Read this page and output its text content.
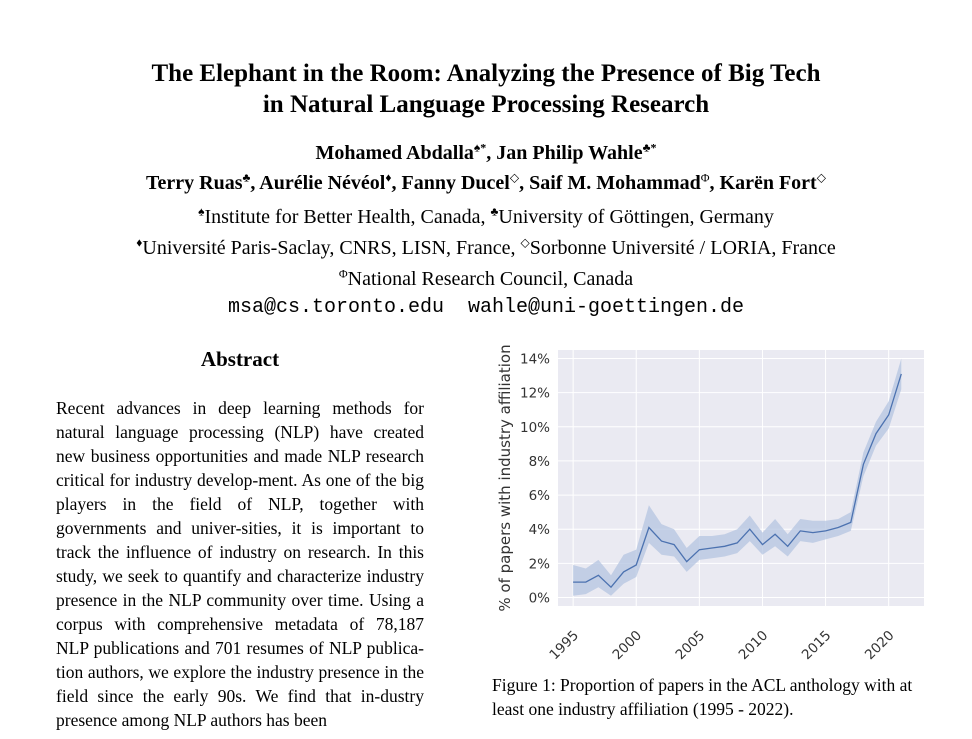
The Elephant in the Room: Analyzing the Presence of Big Tech
in Natural Language Processing Research
Mohamed Abdalla♠*, Jan Philip Wahle♣*
Terry Ruas♣, Aurélie Névéol♦, Fanny Ducel◇, Saif M. Mohammad$^\Phi$, Karën Fort◇
♠Institute for Better Health, Canada, ♣University of Göttingen, Germany
♦Université Paris-Saclay, CNRS, LISN, France, ◇Sorbonne Université / LORIA, France
$^\Phi$National Research Council, Canada
msa@cs.toronto.edu wahle@uni-goettingen.de
Abstract
Recent advances in deep learning methods for natural language processing (NLP) have created new business opportunities and made NLP research critical for industry develop-ment. As one of the big players in the field of NLP, together with governments and univer-sities, it is important to track the influence of industry on research. In this study, we seek to quantify and characterize industry presence in the NLP community over time. Using a corpus with comprehensive metadata of 78,187 NLP publications and 701 resumes of NLP publica-tion authors, we explore the industry presence in the field since the early 90s. We find that in-dustry presence among NLP authors has been
0%
2%
4%
6%
8%
10%
12%
14%
1995 2000 2005 2010 2015 2020
% of papers with industry affiliation
Figure 1: Proportion of papers in the ACL anthology with at least one industry affiliation (1995 - 2022).
